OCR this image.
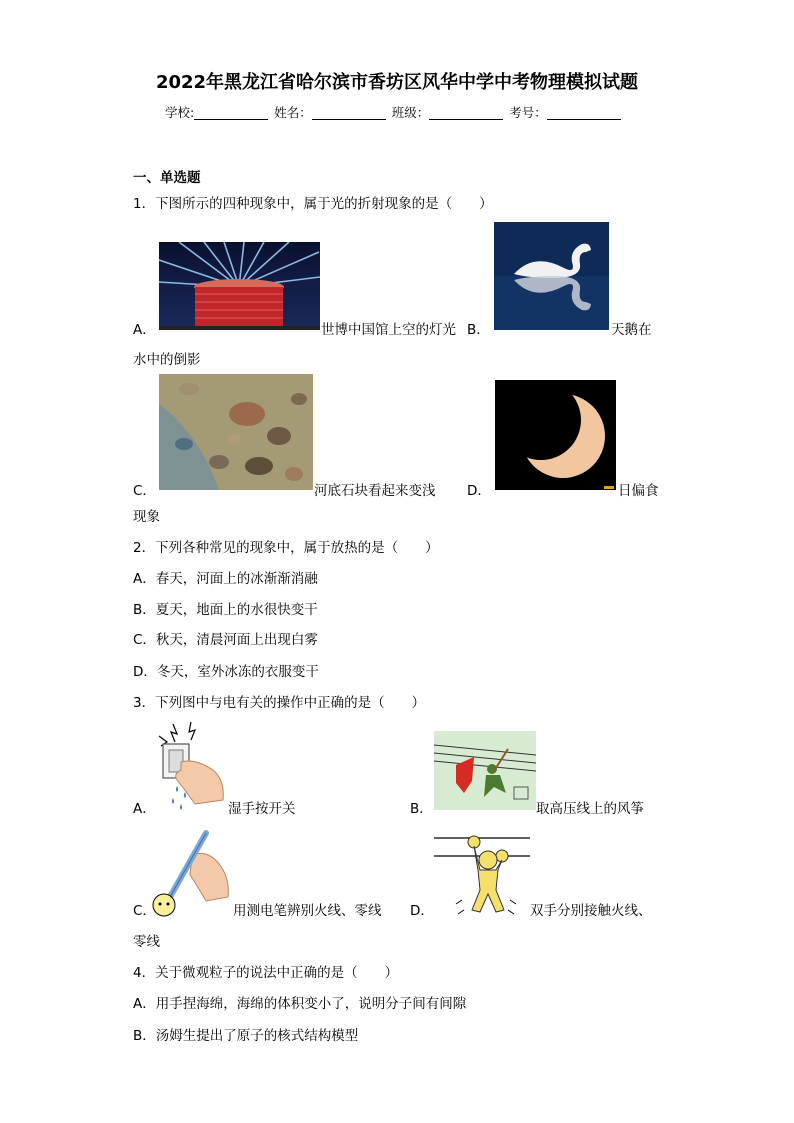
2022年黑龙江省哈尔滨市香坊区风华中学中考物理模拟试题
学校:	姓名：	班级：	考号：
一、单选题
1．下图所示的四种现象中，属于光的折射现象的是（　　）
A．	世博中国馆上空的灯光 B．	天鹅在
水中的倒影
C．	河底石块看起来变浅 D．	日偏食
现象
2．下列各种常见的现象中，属于放热的是（　　）
A．春天，河面上的冰渐渐消融
B．夏天，地面上的水很快变干
C．秋天，清晨河面上出现白雾
D．冬天，室外冰冻的衣服变干
3．下列图中与电有关的操作中正确的是（　　）
A．	湿手按开关	B．	取高压线上的风筝
C．	用测电笔辨别火线、零线 D．	双手分别接触火线、
零线
4．关于微观粒子的说法中正确的是（　　）
A．用手捏海绵，海绵的体积变小了，说明分子间有间隙
B．汤姆生提出了原子的核式结构模型
